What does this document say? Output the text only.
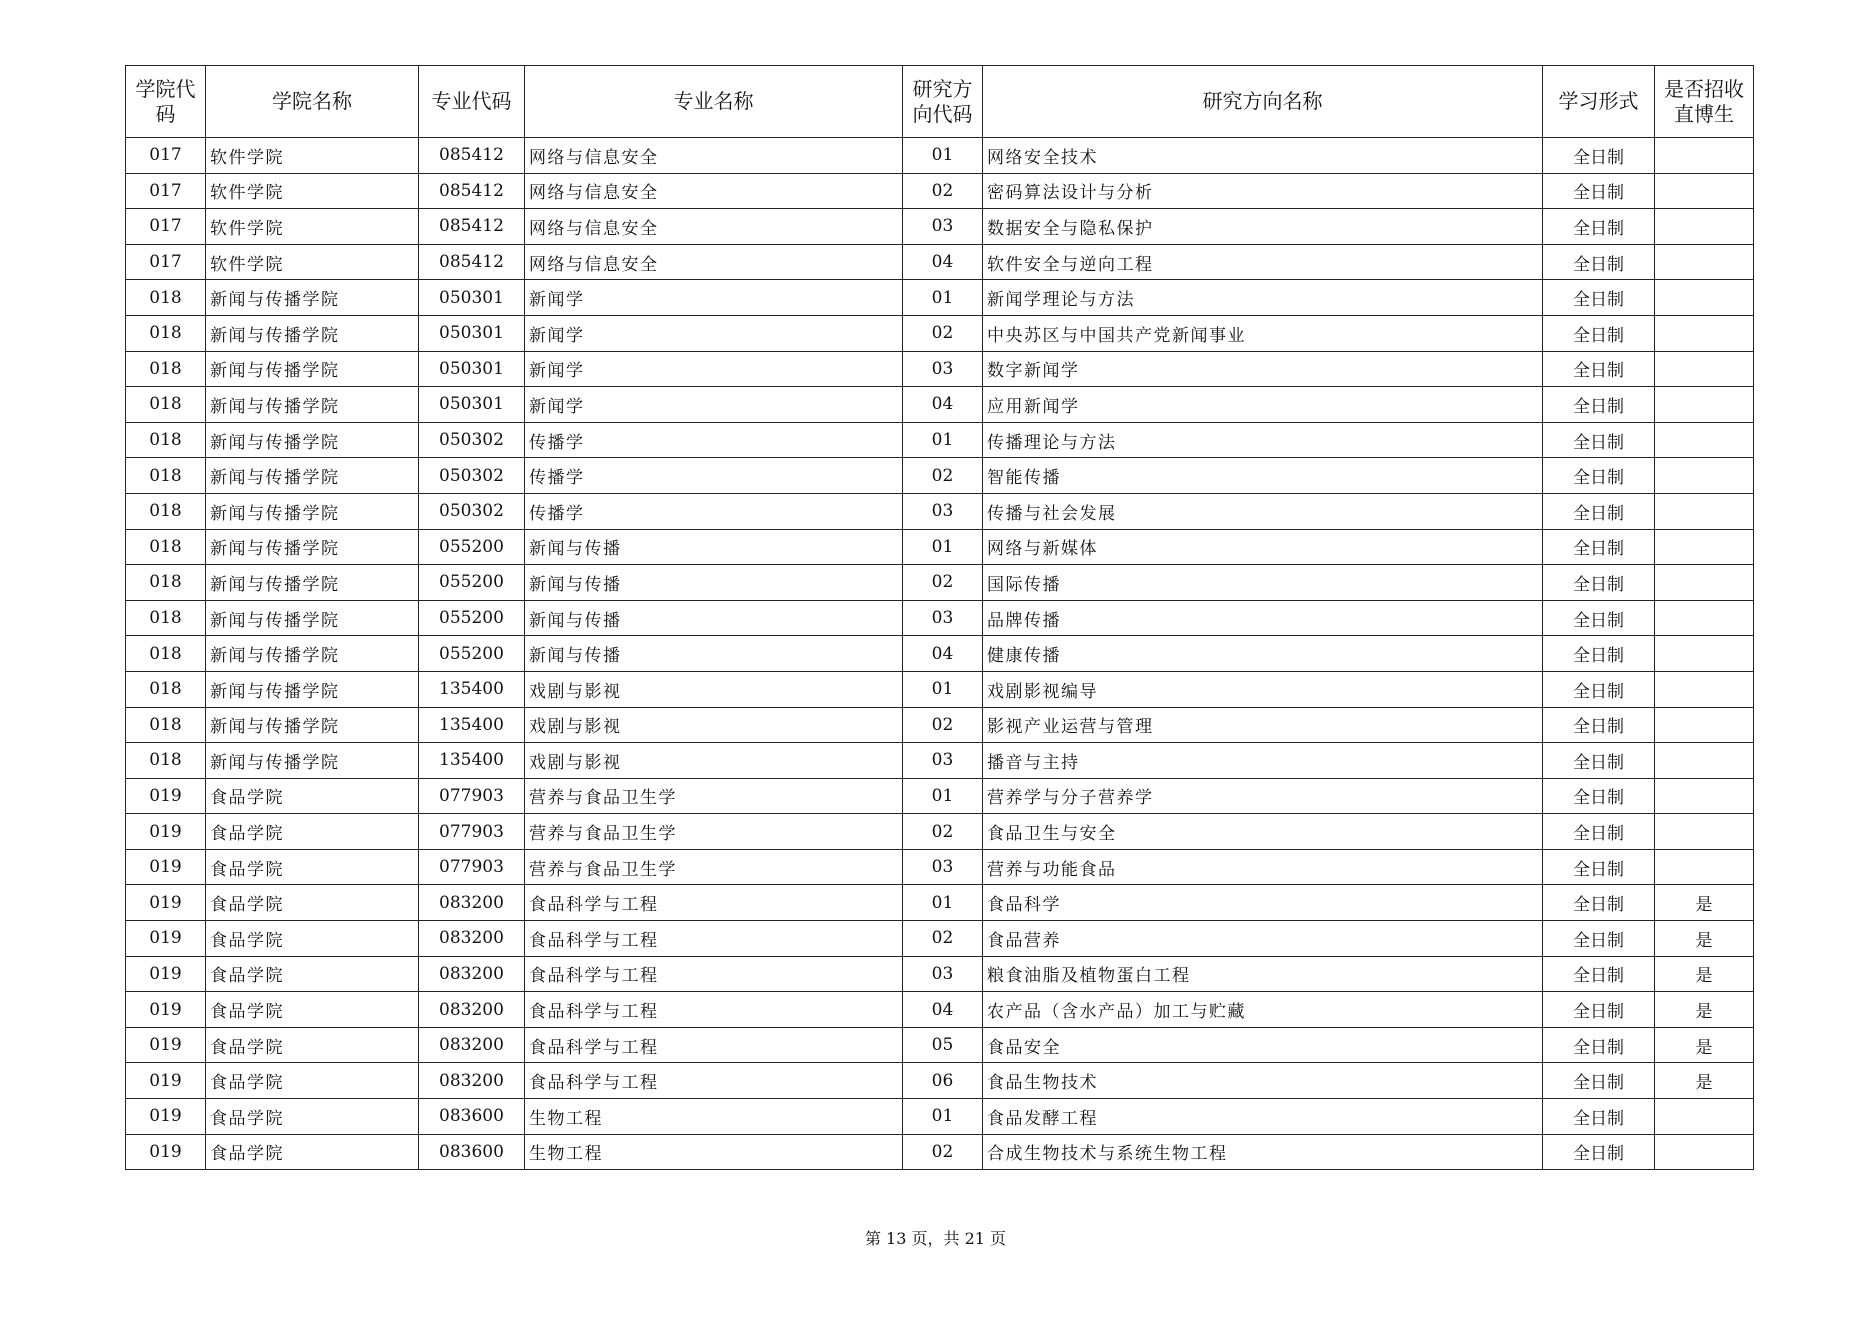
学院代码	学院名称	专业代码	专业名称	研究方向代码	研究方向名称	学习形式	是否招收直博生
017	软件学院	085412	网络与信息安全	01	网络安全技术	全日制	
017	软件学院	085412	网络与信息安全	02	密码算法设计与分析	全日制	
017	软件学院	085412	网络与信息安全	03	数据安全与隐私保护	全日制	
017	软件学院	085412	网络与信息安全	04	软件安全与逆向工程	全日制	
018	新闻与传播学院	050301	新闻学	01	新闻学理论与方法	全日制	
018	新闻与传播学院	050301	新闻学	02	中央苏区与中国共产党新闻事业	全日制	
018	新闻与传播学院	050301	新闻学	03	数字新闻学	全日制	
018	新闻与传播学院	050301	新闻学	04	应用新闻学	全日制	
018	新闻与传播学院	050302	传播学	01	传播理论与方法	全日制	
018	新闻与传播学院	050302	传播学	02	智能传播	全日制	
018	新闻与传播学院	050302	传播学	03	传播与社会发展	全日制	
018	新闻与传播学院	055200	新闻与传播	01	网络与新媒体	全日制	
018	新闻与传播学院	055200	新闻与传播	02	国际传播	全日制	
018	新闻与传播学院	055200	新闻与传播	03	品牌传播	全日制	
018	新闻与传播学院	055200	新闻与传播	04	健康传播	全日制	
018	新闻与传播学院	135400	戏剧与影视	01	戏剧影视编导	全日制	
018	新闻与传播学院	135400	戏剧与影视	02	影视产业运营与管理	全日制	
018	新闻与传播学院	135400	戏剧与影视	03	播音与主持	全日制	
019	食品学院	077903	营养与食品卫生学	01	营养学与分子营养学	全日制	
019	食品学院	077903	营养与食品卫生学	02	食品卫生与安全	全日制	
019	食品学院	077903	营养与食品卫生学	03	营养与功能食品	全日制	
019	食品学院	083200	食品科学与工程	01	食品科学	全日制	是
019	食品学院	083200	食品科学与工程	02	食品营养	全日制	是
019	食品学院	083200	食品科学与工程	03	粮食油脂及植物蛋白工程	全日制	是
019	食品学院	083200	食品科学与工程	04	农产品（含水产品）加工与贮藏	全日制	是
019	食品学院	083200	食品科学与工程	05	食品安全	全日制	是
019	食品学院	083200	食品科学与工程	06	食品生物技术	全日制	是
019	食品学院	083600	生物工程	01	食品发酵工程	全日制	
019	食品学院	083600	生物工程	02	合成生物技术与系统生物工程	全日制	
第 13 页，共 21 页
